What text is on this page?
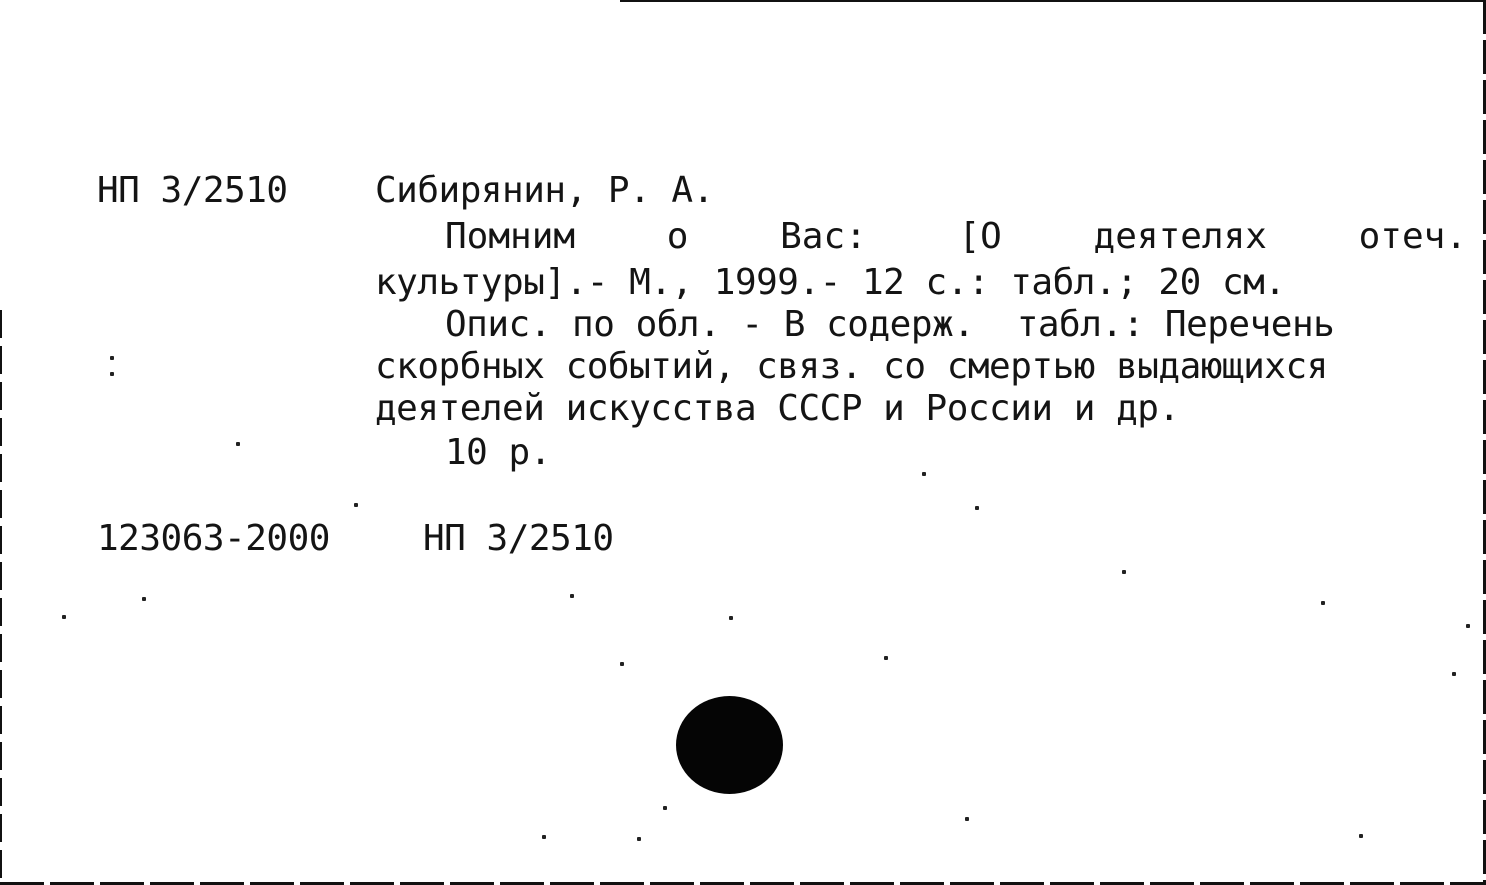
НП 3/2510 Сибирянин, Р. А.
Помним	о	Вас:	[О	деятелях	отеч.
культуры].- М., 1999.- 12 с.: табл.; 20 см.
Опис. по обл. - В содерж.  табл.: Перечень
скорбных событий, связ. со смертью выдающихся
деятелей искусства СССР и России и др.
10 р.
123063-2000	НП 3/2510
